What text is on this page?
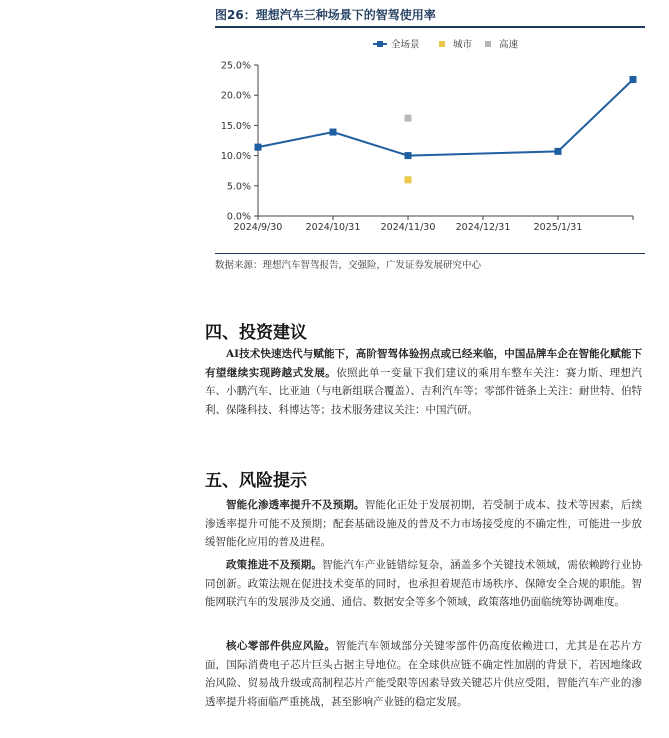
图26：理想汽车三种场景下的智驾使用率
0.0%
5.0%
10.0%
15.0%
20.0%
25.0%
2024/9/30 2024/10/31 2024/11/30 2024/12/31 2025/1/31
全场景	城市	高速
数据来源：理想汽车智驾报告，交强险，广发证券发展研究中心
四、投资建议

AI技术快速迭代与赋能下，高阶智驾体验拐点或已经来临，中国品牌车企在智能化赋能下有望继续实现跨越式发展。依照此单一变量下我们建议的乘用车整车关注：赛力斯、理想汽车、小鹏汽车、比亚迪（与电新组联合覆盖）、吉利汽车等；零部件链条上关注：耐世特、伯特利、保隆科技、科博达等；技术服务建议关注：中国汽研。

五、风险提示

智能化渗透率提升不及预期。智能化正处于发展初期，若受制于成本、技术等因素，后续渗透率提升可能不及预期；配套基础设施及的普及不力市场接受度的不确定性，可能进一步放缓智能化应用的普及进程。

政策推进不及预期。智能汽车产业链错综复杂，涵盖多个关键技术领域，需依赖跨行业协同创新。政策法规在促进技术变革的同时，也承担着规范市场秩序、保障安全合规的职能。智能网联汽车的发展涉及交通、通信、数据安全等多个领域，政策落地仍面临统筹协调难度。

核心零部件供应风险。智能汽车领域部分关键零部件仍高度依赖进口，尤其是在芯片方面，国际消费电子芯片巨头占据主导地位。在全球供应链不确定性加剧的背景下，若因地缘政治风险、贸易战升级或高制程芯片产能受限等因素导致关键芯片供应受阻，智能汽车产业的渗透率提升将面临严重挑战，甚至影响产业链的稳定发展。
